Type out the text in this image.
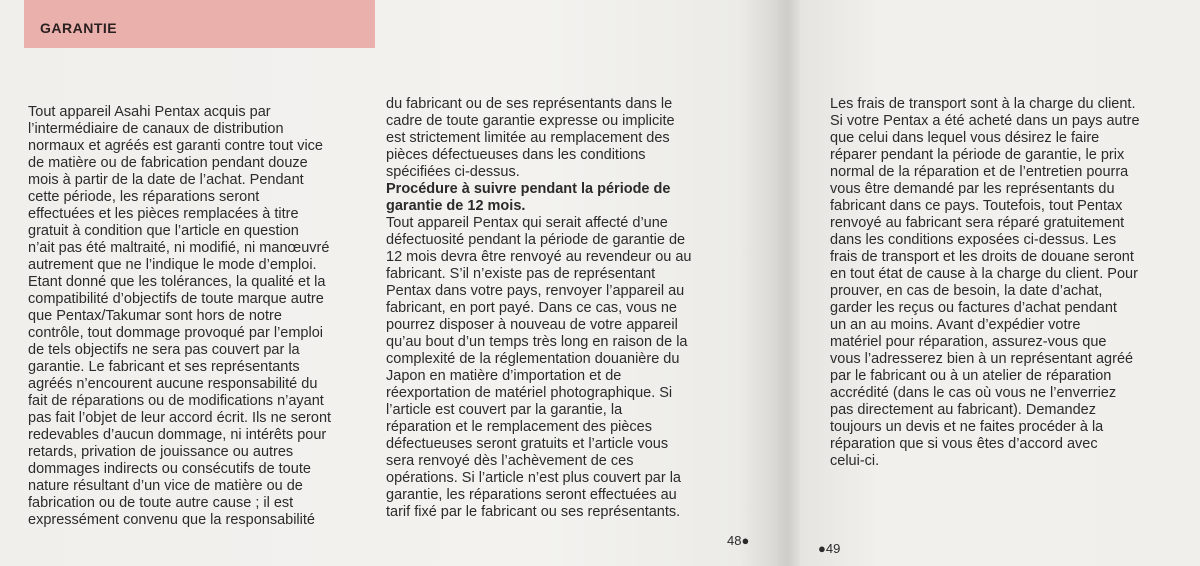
GARANTIE
Tout appareil Asahi Pentax acquis par
l’intermédiaire de canaux de distribution
normaux et agréés est garanti contre tout vice
de matière ou de fabrication pendant douze
mois à partir de la date de l’achat. Pendant
cette période, les réparations seront
effectuées et les pièces remplacées à titre
gratuit à condition que l’article en question
n’ait pas été maltraité, ni modifié, ni manœuvré
autrement que ne l’indique le mode d’emploi.
Etant donné que les tolérances, la qualité et la
compatibilité d’objectifs de toute marque autre
que Pentax/Takumar sont hors de notre
contrôle, tout dommage provoqué par l’emploi
de tels objectifs ne sera pas couvert par la
garantie. Le fabricant et ses représentants
agréés n’encourent aucune responsabilité du
fait de réparations ou de modifications n’ayant
pas fait l’objet de leur accord écrit. Ils ne seront
redevables d’aucun dommage, ni intérêts pour
retards, privation de jouissance ou autres
dommages indirects ou consécutifs de toute
nature résultant d’un vice de matière ou de
fabrication ou de toute autre cause ; il est
expressément convenu que la responsabilité
du fabricant ou de ses représentants dans le
cadre de toute garantie expresse ou implicite
est strictement limitée au remplacement des
pièces défectueuses dans les conditions
spécifiées ci-dessus.
Procédure à suivre pendant la période de
garantie de 12 mois.
Tout appareil Pentax qui serait affecté d’une
défectuosité pendant la période de garantie de
12 mois devra être renvoyé au revendeur ou au
fabricant. S’il n’existe pas de représentant
Pentax dans votre pays, renvoyer l’appareil au
fabricant, en port payé. Dans ce cas, vous ne
pourrez disposer à nouveau de votre appareil
qu’au bout d’un temps très long en raison de la
complexité de la réglementation douanière du
Japon en matière d’importation et de
réexportation de matériel photographique. Si
l’article est couvert par la garantie, la
réparation et le remplacement des pièces
défectueuses seront gratuits et l’article vous
sera renvoyé dès l’achèvement de ces
opérations. Si l’article n’est plus couvert par la
garantie, les réparations seront effectuées au
tarif fixé par le fabricant ou ses représentants.
Les frais de transport sont à la charge du client.
Si votre Pentax a été acheté dans un pays autre
que celui dans lequel vous désirez le faire
réparer pendant la période de garantie, le prix
normal de la réparation et de l’entretien pourra
vous être demandé par les représentants du
fabricant dans ce pays. Toutefois, tout Pentax
renvoyé au fabricant sera réparé gratuitement
dans les conditions exposées ci-dessus. Les
frais de transport et les droits de douane seront
en tout état de cause à la charge du client. Pour
prouver, en cas de besoin, la date d’achat,
garder les reçus ou factures d’achat pendant
un an au moins. Avant d’expédier votre
matériel pour réparation, assurez-vous que
vous l’adresserez bien à un représentant agréé
par le fabricant ou à un atelier de réparation
accrédité (dans le cas où vous ne l’enverriez
pas directement au fabricant). Demandez
toujours un devis et ne faites procéder à la
réparation que si vous êtes d’accord avec
celui-ci.
48●
●49
